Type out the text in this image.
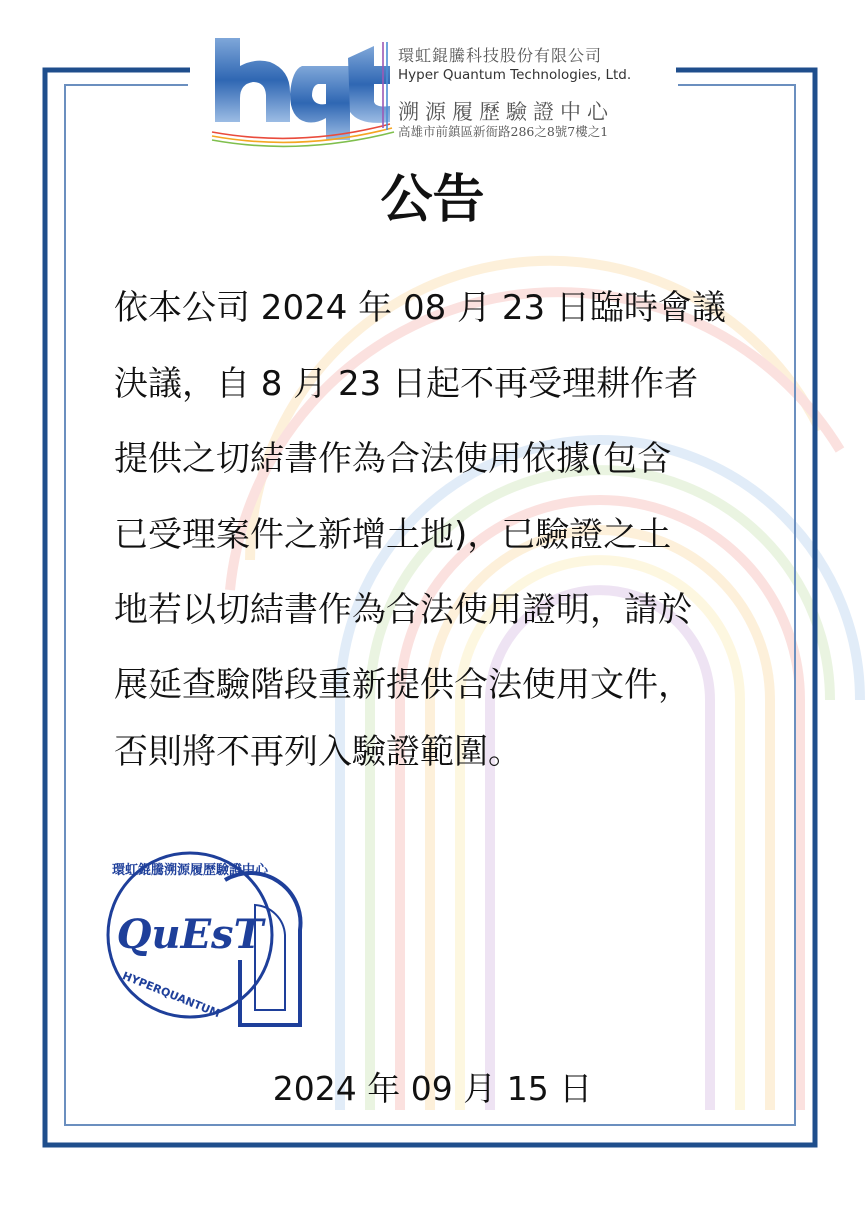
QuEsT
HYPERQUANTUM
環虹錕騰溯源履歷驗證中心
環虹錕騰科技股份有限公司
Hyper Quantum Technologies, Ltd.
溯源履歷驗證中心
高雄市前鎮區新衙路286之8號7樓之1
公告
依本公司 2024 年 08 月 23 日臨時會議
決議，自 8 月 23 日起不再受理耕作者
提供之切結書作為合法使用依據(包含
已受理案件之新增土地)，已驗證之土
地若以切結書作為合法使用證明，請於
展延查驗階段重新提供合法使用文件，
否則將不再列入驗證範圍。
2024 年 09 月 15 日
